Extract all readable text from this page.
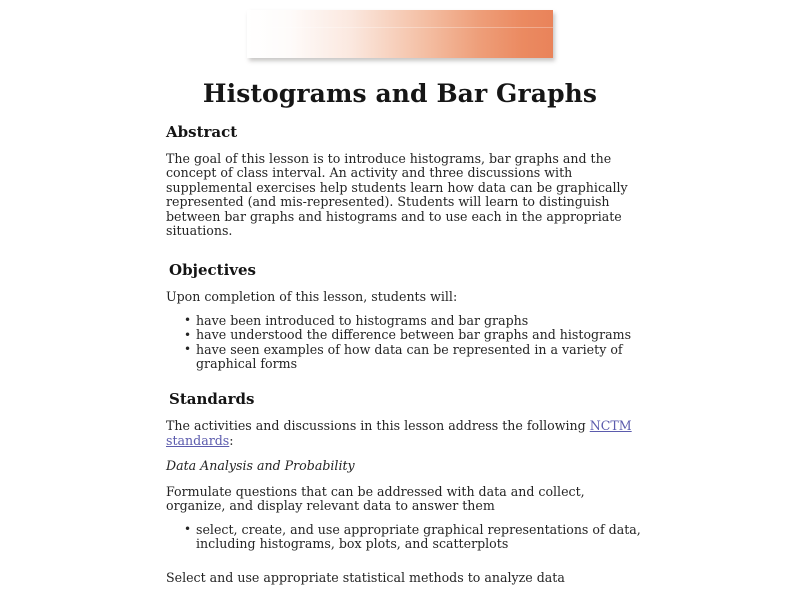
Histograms and Bar Graphs
Abstract

The goal of this lesson is to introduce histograms, bar graphs and the concept of class interval. An activity and three discussions with supplemental exercises help students learn how data can be graphically represented (and mis-represented). Students will learn to distinguish between bar graphs and histograms and to use each in the appropriate situations.

Objectives

Upon completion of this lesson, students will:

• have been introduced to histograms and bar graphs
• have understood the difference between bar graphs and histograms
• have seen examples of how data can be represented in a variety of graphical forms
Standards

The activities and discussions in this lesson address the following NCTM standards:

Data Analysis and Probability

Formulate questions that can be addressed with data and collect, organize, and display relevant data to answer them

• select, create, and use appropriate graphical representations of data, including histograms, box plots, and scatterplots

Select and use appropriate statistical methods to analyze data
